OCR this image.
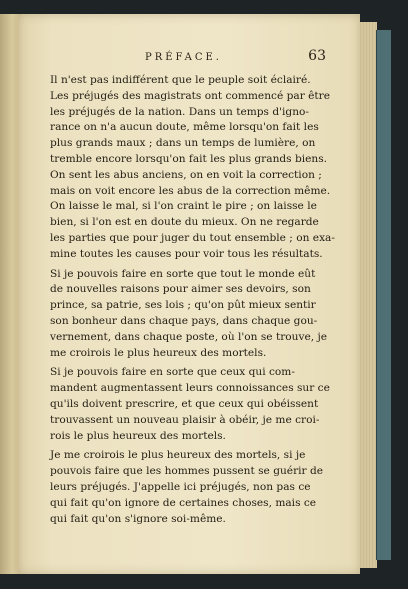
PRÉFACE.	63
Il n'est pas indifférent que le peuple soit éclairé.
Les préjugés des magistrats ont commencé par être
les préjugés de la nation. Dans un temps d'igno-
rance on n'a aucun doute, même lorsqu'on fait les
plus grands maux ; dans un temps de lumière, on
tremble encore lorsqu'on fait les plus grands biens.
On sent les abus anciens, on en voit la correction ;
mais on voit encore les abus de la correction même.
On laisse le mal, si l'on craint le pire ; on laisse le
bien, si l'on est en doute du mieux. On ne regarde
les parties que pour juger du tout ensemble ; on exa-
mine toutes les causes pour voir tous les résultats.
Si je pouvois faire en sorte que tout le monde eût
de nouvelles raisons pour aimer ses devoirs, son
prince, sa patrie, ses lois ; qu'on pût mieux sentir
son bonheur dans chaque pays, dans chaque gou-
vernement, dans chaque poste, où l'on se trouve, je
me croirois le plus heureux des mortels.
Si je pouvois faire en sorte que ceux qui com-
mandent augmentassent leurs connoissances sur ce
qu'ils doivent prescrire, et que ceux qui obéissent
trouvassent un nouveau plaisir à obéir, je me croi-
rois le plus heureux des mortels.
Je me croirois le plus heureux des mortels, si je
pouvois faire que les hommes pussent se guérir de
leurs préjugés. J'appelle ici préjugés, non pas ce
qui fait qu'on ignore de certaines choses, mais ce
qui fait qu'on s'ignore soi-même.
